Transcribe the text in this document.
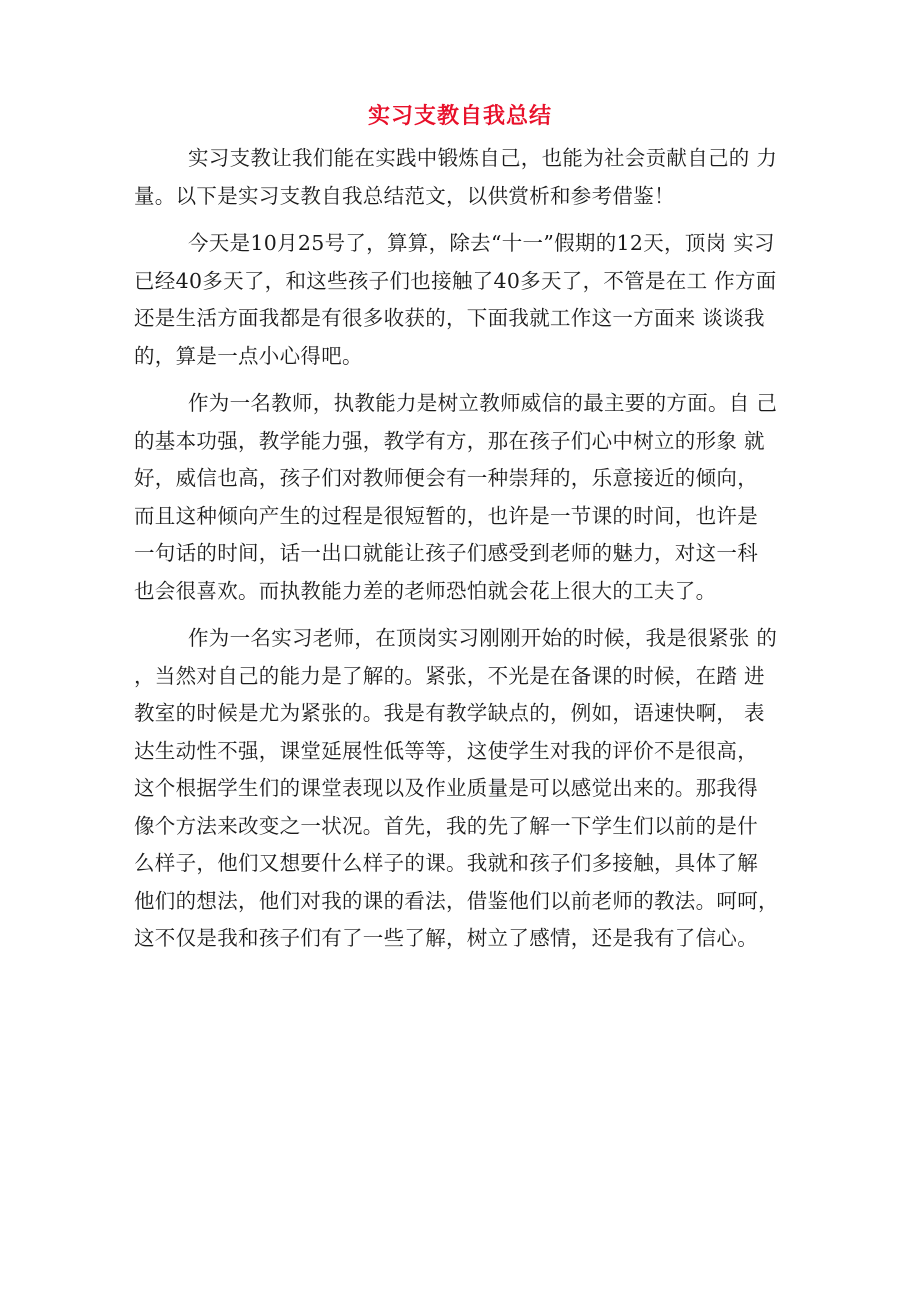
实习支教自我总结
实习支教让我们能在实践中锻炼自己，也能为社会贡献自己的 力
量。以下是实习支教自我总结范文，以供赏析和参考借鉴！
今天是10月25号了，算算，除去“十一”假期的12天，顶岗 实习
已经40多天了，和这些孩子们也接触了40多天了，不管是在工 作方面
还是生活方面我都是有很多收获的，下面我就工作这一方面来 谈谈我
的，算是一点小心得吧。
作为一名教师，执教能力是树立教师威信的最主要的方面。自 己
的基本功强，教学能力强，教学有方，那在孩子们心中树立的形象 就
好，威信也高，孩子们对教师便会有一种崇拜的，乐意接近的倾向，
而且这种倾向产生的过程是很短暂的，也许是一节课的时间，也许是
一句话的时间，话一出口就能让孩子们感受到老师的魅力，对这一科
也会很喜欢。而执教能力差的老师恐怕就会花上很大的工夫了。
作为一名实习老师，在顶岗实习刚刚开始的时候，我是很紧张 的
，当然对自己的能力是了解的。紧张，不光是在备课的时候，在踏 进
教室的时候是尤为紧张的。我是有教学缺点的，例如，语速快啊， 表
达生动性不强，课堂延展性低等等，这使学生对我的评价不是很高，
这个根据学生们的课堂表现以及作业质量是可以感觉出来的。那我得
像个方法来改变之一状况。首先，我的先了解一下学生们以前的是什
么样子，他们又想要什么样子的课。我就和孩子们多接触，具体了解
他们的想法，他们对我的课的看法，借鉴他们以前老师的教法。呵呵，
这不仅是我和孩子们有了一些了解，树立了感情，还是我有了信心。
